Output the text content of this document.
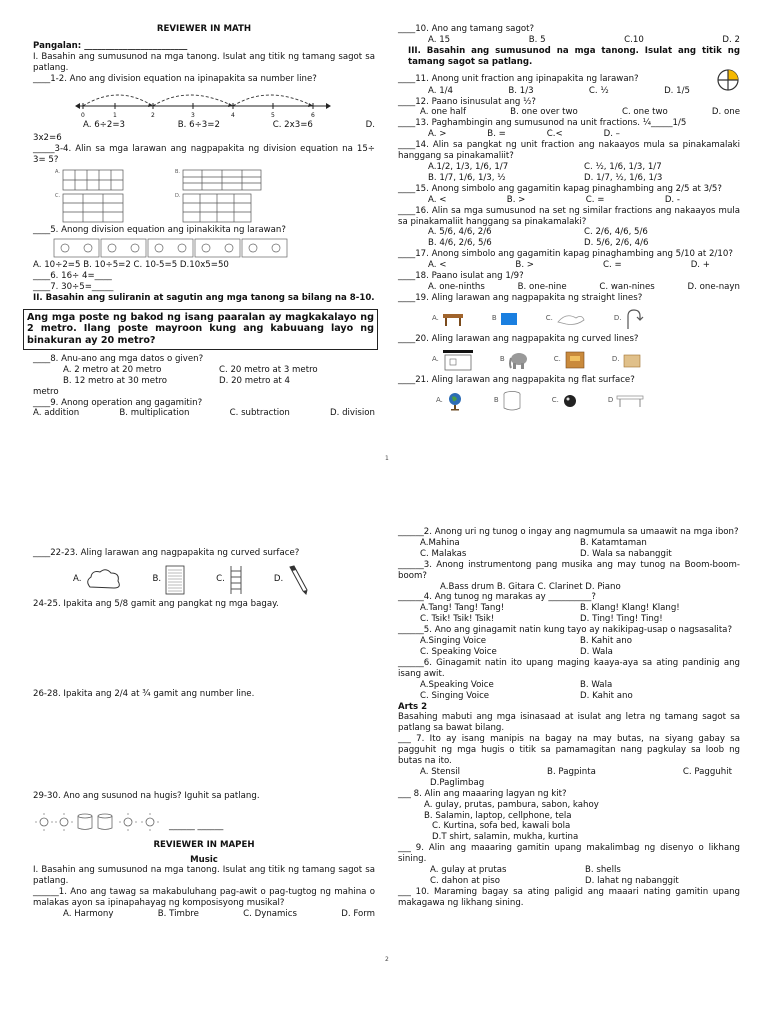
REVIEWER IN MATH
Pangalan: ________________________
I. Basahin ang sumusunod na mga tanong. Isulat ang titik ng tamang sagot sa patlang.
____1-2. Ano ang division equation na ipinapakita sa number line?
0	1	2	3	4	5	6
A. 6÷2=3	B. 6÷3=2	C. 2x3=6	D.
3x2=6
_____3-4. Alin sa mga larawan ang nagpapakita ng division equation na 15÷ 3= 5?
A.	B.
C.	D.
____5. Anong division equation ang ipinakikita ng larawan?
A. 10÷2=5 B. 10÷5=2 C. 10-5=5 D.10x5=50
____6. 16÷ 4=____
____7. 30÷5=_____
II. Basahin ang suliranin at sagutin ang mga tanong sa bilang na 8-10.
Ang mga poste ng bakod ng isang paaralan ay magkakalayo ng 2 metro. Ilang poste mayroon kung ang kabuuang layo ng binakuran ay 20 metro?
____8. Anu-ano ang mga datos o given?
A. 2 metro at 20 metro	C. 20 metro at 3 metro
B. 12 metro at 30 metro	D. 20 metro at 4
metro
____9. Anong operation ang gagamitin?
A. addition	B. multiplication	C. subtraction	D. division
____10. Ano ang tamang sagot?
A. 15	B. 5	C.10	D. 2
III. Basahin ang sumusunod na mga tanong. Isulat ang titik ng tamang sagot sa patlang.
____11. Anong unit fraction ang ipinapakita ng larawan?
A. 1/4	B. 1/3	C. ½	D. 1/5
____12. Paano isinusulat ang ½?
A. one half	B. one over two	C. one two	D. one
____13. Paghambingin ang sumusunod na unit fractions. ¼_____1/5
A. >	B. =	C.<	D. –
____14. Alin sa pangkat ng unit fraction ang nakaayos mula sa pinakamalaki hanggang sa pinakamaliit?
A.1/2, 1/3, 1/6, 1/7	C. ½, 1/6, 1/3, 1/7
B. 1/7, 1/6, 1/3, ½	D. 1/7, ½, 1/6, 1/3
____15. Anong simbolo ang gagamitin kapag pinaghambing ang 2/5 at 3/5?
A. <	B. >	C. =	D. -
____16. Alin sa mga sumusunod na set ng similar fractions ang nakaayos mula sa pinakamaliit hanggang sa pinakamalaki?
A. 5/6, 4/6, 2/6	C. 2/6, 4/6, 5/6
B. 4/6, 2/6, 5/6	D. 5/6, 2/6, 4/6
____17. Anong simbolo ang gagamitin kapag pinaghambing ang 5/10 at 2/10?
A. <	B. >	C. =	D. +
____18. Paano isulat ang 1/9?
A. one-ninths	B. one-nine	C. wan-nines	D. one-nayn
____19. Aling larawan ang nagpapakita ng straight lines?
A.	B	C.	D.
____20. Aling larawan ang nagpapakita ng curved lines?
A.	B	C.	D.
____21. Aling larawan ang nagpapakita ng flat surface?
A.	B	C.	D
1
____22-23. Aling larawan ang nagpapakita ng curved surface?
A.	B.	C.	D.
24-25. Ipakita ang 5/8 gamit ang pangkat ng mga bagay.
26-28. Ipakita ang 2/4 at ¾ gamit ang number line.
29-30. Ano ang susunod na hugis? Iguhit sa patlang.
______ ______
REVIEWER IN MAPEH
Music
I. Basahin ang sumusunod na mga tanong. Isulat ang titik ng tamang sagot sa patlang.
______1. Ano ang tawag sa makabuluhang pag-awit o pag-tugtog ng mahina o malakas ayon sa ipinapahayag ng komposisyong musikal?
A. Harmony	B. Timbre	C. Dynamics	D. Form
______2. Anong uri ng tunog o ingay ang nagmumula sa umaawit na mga ibon?
A.Mahina	B. Katamtaman
C. Malakas	D. Wala sa nabanggit
______3. Anong instrumentong pang musika ang may tunog na Boom-boom-boom?
A.Bass drum B. Gitara C. Clarinet D. Piano
______4. Ang tunog ng marakas ay __________?
A.Tang! Tang! Tang!	B. Klang! Klang! Klang!
C. Tsik! Tsik! Tsik!	D. Ting! Ting! Ting!
______5. Ano ang ginagamit natin kung tayo ay nakikipag-usap o nagsasalita?
A.Singing Voice	B. Kahit ano
C. Speaking Voice	D. Wala
______6. Ginagamit natin ito upang maging kaaya-aya sa ating pandinig ang isang awit.
A.Speaking Voice	B. Wala
C. Singing Voice	D. Kahit ano
Arts 2
Basahing mabuti ang mga isinasaad at isulat ang letra ng tamang sagot sa patlang sa bawat bilang.
___ 7. Ito ay isang manipis na bagay na may butas, na siyang gabay sa pagguhit ng mga hugis o titik sa pamamagitan nang pagkulay sa loob ng butas na ito.
A. Stensil	B. Pagpinta	C. Pagguhit
D.Paglimbag
___ 8. Alin ang maaaring lagyan ng kit?
A. gulay, prutas, pambura, sabon, kahoy
B. Salamin, laptop, cellphone, tela
C. Kurtina, sofa bed, kawali bola
D.T shirt, salamin, mukha, kurtina
___ 9. Alin ang maaaring gamitin upang makalimbag ng disenyo o likhang sining.
A. gulay at prutas	B. shells
C. dahon at piso	D. lahat ng nabanggit
___ 10. Maraming bagay sa ating paligid ang maaari nating gamitin upang makagawa ng likhang sining.
2
